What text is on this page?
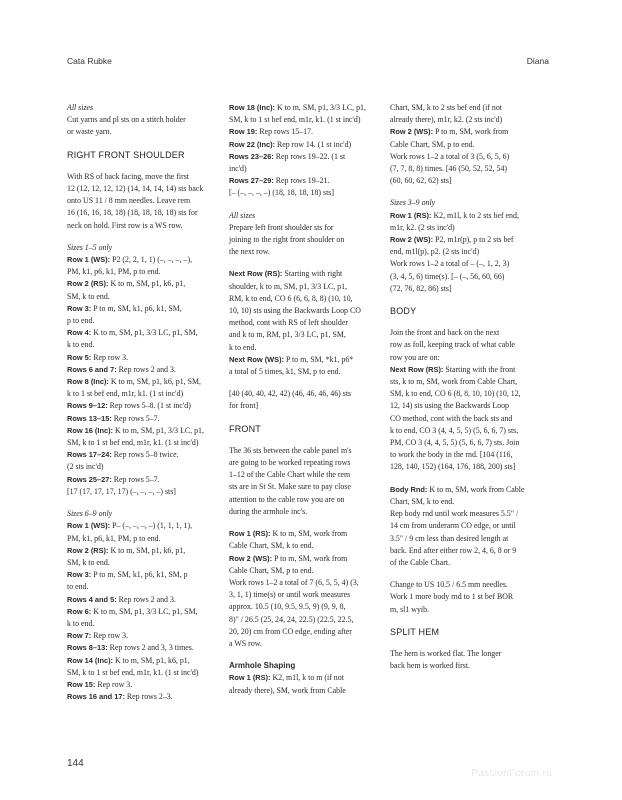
Cata Rubke	Diana
All sizes
Cut yarns and pl sts on a stitch holder
or waste yarn.
RIGHT FRONT SHOULDER
With RS of back facing, move the first
12 (12, 12, 12, 12) (14, 14, 14, 14) sts back
onto US 11 / 8 mm needles. Leave rem
16 (16, 16, 18, 18) (18, 18, 18, 18) sts for
neck on hold. First row is a WS row.
Sizes 1–5 only
Row 1 (WS): P2 (2, 2, 1, 1) (–, –, –, –),
PM, k1, p6, k1, PM, p to end.
Row 2 (RS): K to m, SM, p1, k6, p1,
SM, k to end.
Row 3: P to m, SM, k1, p6, k1, SM,
p to end.
Row 4: K to m, SM, p1, 3/3 LC, p1, SM,
k to end.
Row 5: Rep row 3.
Rows 6 and 7: Rep rows 2 and 3.
Row 8 (Inc): K to m, SM, p1, k6, p1, SM,
k to 1 st bef end, m1r, k1. (1 st inc'd)
Rows 9–12: Rep rows 5–8. (1 st inc'd)
Rows 13–15: Rep rows 5–7.
Row 16 (Inc): K to m, SM, p1, 3/3 LC, p1,
SM, k to 1 st bef end, m1r, k1. (1 st inc'd)
Rows 17–24: Rep rows 5–8 twice.
(2 sts inc'd)
Rows 25–27: Rep rows 5–7.
[17 (17, 17, 17, 17) (–, –, –, –) sts]
Sizes 6–9 only
Row 1 (WS): P– (–, –, –, –) (1, 1, 1, 1),
PM, k1, p6, k1, PM, p to end.
Row 2 (RS): K to m, SM, p1, k6, p1,
SM, k to end.
Row 3: P to m, SM, k1, p6, k1, SM, p
to end.
Rows 4 and 5: Rep rows 2 and 3.
Row 6: K to m, SM, p1, 3/3 LC, p1, SM,
k to end.
Row 7: Rep row 3.
Rows 8–13: Rep rows 2 and 3, 3 times.
Row 14 (Inc): K to m, SM, p1, k6, p1,
SM, k to 1 st bef end, m1r, k1. (1 st inc'd)
Row 15: Rep row 3.
Rows 16 and 17: Rep rows 2–3.
Row 18 (Inc): K to m, SM, p1, 3/3 LC, p1,
SM, k to 1 st bef end, m1r, k1. (1 st inc'd)
Row 19: Rep rows 15–17.
Row 22 (Inc): Rep row 14. (1 st inc'd)
Rows 23–26: Rep rows 19–22. (1 st
inc'd)
Rows 27–29: Rep rows 19–21.
[– (–, –, –, –) (18, 18, 18, 18) sts]
All sizes
Prepare left front shoulder sts for
joining to the right front shoulder on
the next row.
Next Row (RS): Starting with right
shoulder, k to m, SM, p1, 3/3 LC, p1,
RM, k to end, CO 6 (6, 6, 8, 8) (10, 10,
10, 10) sts using the Backwards Loop CO
method, cont with RS of left shoulder
and k to m, RM, p1, 3/3 LC, p1, SM,
k to end.
Next Row (WS): P to m, SM, *k1, p6*
a total of 5 times, k1, SM, p to end.
[40 (40, 40, 42, 42) (46, 46, 46, 46) sts
for front]
FRONT
The 36 sts between the cable panel m's
are going to be worked repeating rows
1–12 of the Cable Chart while the rem
sts are in St St. Make sure to pay close
attention to the cable row you are on
during the armhole inc's.
Row 1 (RS): K to m, SM, work from
Cable Chart, SM, k to end.
Row 2 (WS): P to m, SM, work from
Cable Chart, SM, p to end.
Work rows 1–2 a total of 7 (6, 5, 5, 4) (3,
3, 1, 1) time(s) or until work measures
approx. 10.5 (10, 9.5, 9.5, 9) (9, 9, 8,
8)" / 26.5 (25, 24, 24, 22.5) (22.5, 22.5,
20, 20) cm from CO edge, ending after
a WS row.
Armhole Shaping
Row 1 (RS): K2, m1l, k to m (if not
already there), SM, work from Cable
Chart, SM, k to 2 sts bef end (if not
already there), m1r, k2. (2 sts inc'd)
Row 2 (WS): P to m, SM, work from
Cable Chart, SM, p to end.
Work rows 1–2 a total of 3 (5, 6, 5, 6)
(7, 7, 8, 8) times. [46 (50, 52, 52, 54)
(60, 60, 62, 62) sts]
Sizes 3–9 only
Row 1 (RS): K2, m1l, k to 2 sts bef end,
m1r, k2. (2 sts inc'd)
Row 2 (WS): P2, m1r(p), p to 2 sts bef
end, m1l(p), p2. (2 sts inc'd)
Work rows 1–2 a total of – (–, 1, 2, 3)
(3, 4, 5, 6) time(s). [– (–, 56, 60, 66)
(72, 76, 82, 86) sts]
BODY
Join the front and back on the next
row as foll, keeping track of what cable
row you are on:
Next Row (RS): Starting with the front
sts, k to m, SM, work from Cable Chart,
SM, k to end, CO 6 (8, 8, 10, 10) (10, 12,
12, 14) sts using the Backwards Loop
CO method, cont with the back sts and
k to end, CO 3 (4, 4, 5, 5) (5, 6, 6, 7) sts,
PM, CO 3 (4, 4, 5, 5) (5, 6, 6, 7) sts. Join
to work the body in the rnd. [104 (116,
128, 140, 152) (164, 176, 188, 200) sts]
Body Rnd: K to m, SM, work from Cable
Chart, SM, k to end.
Rep body rnd until work measures 5.5" /
14 cm from underarm CO edge, or until
3.5" / 9 cm less than desired length at
back. End after either row 2, 4, 6, 8 or 9
of the Cable Chart.
Change to US 10.5 / 6.5 mm needles.
Work 1 more body rnd to 1 st bef BOR
m, sl1 wyib.
SPLIT HEM
The hem is worked flat. The longer
back hem is worked first.
144
PassionForum.ru
